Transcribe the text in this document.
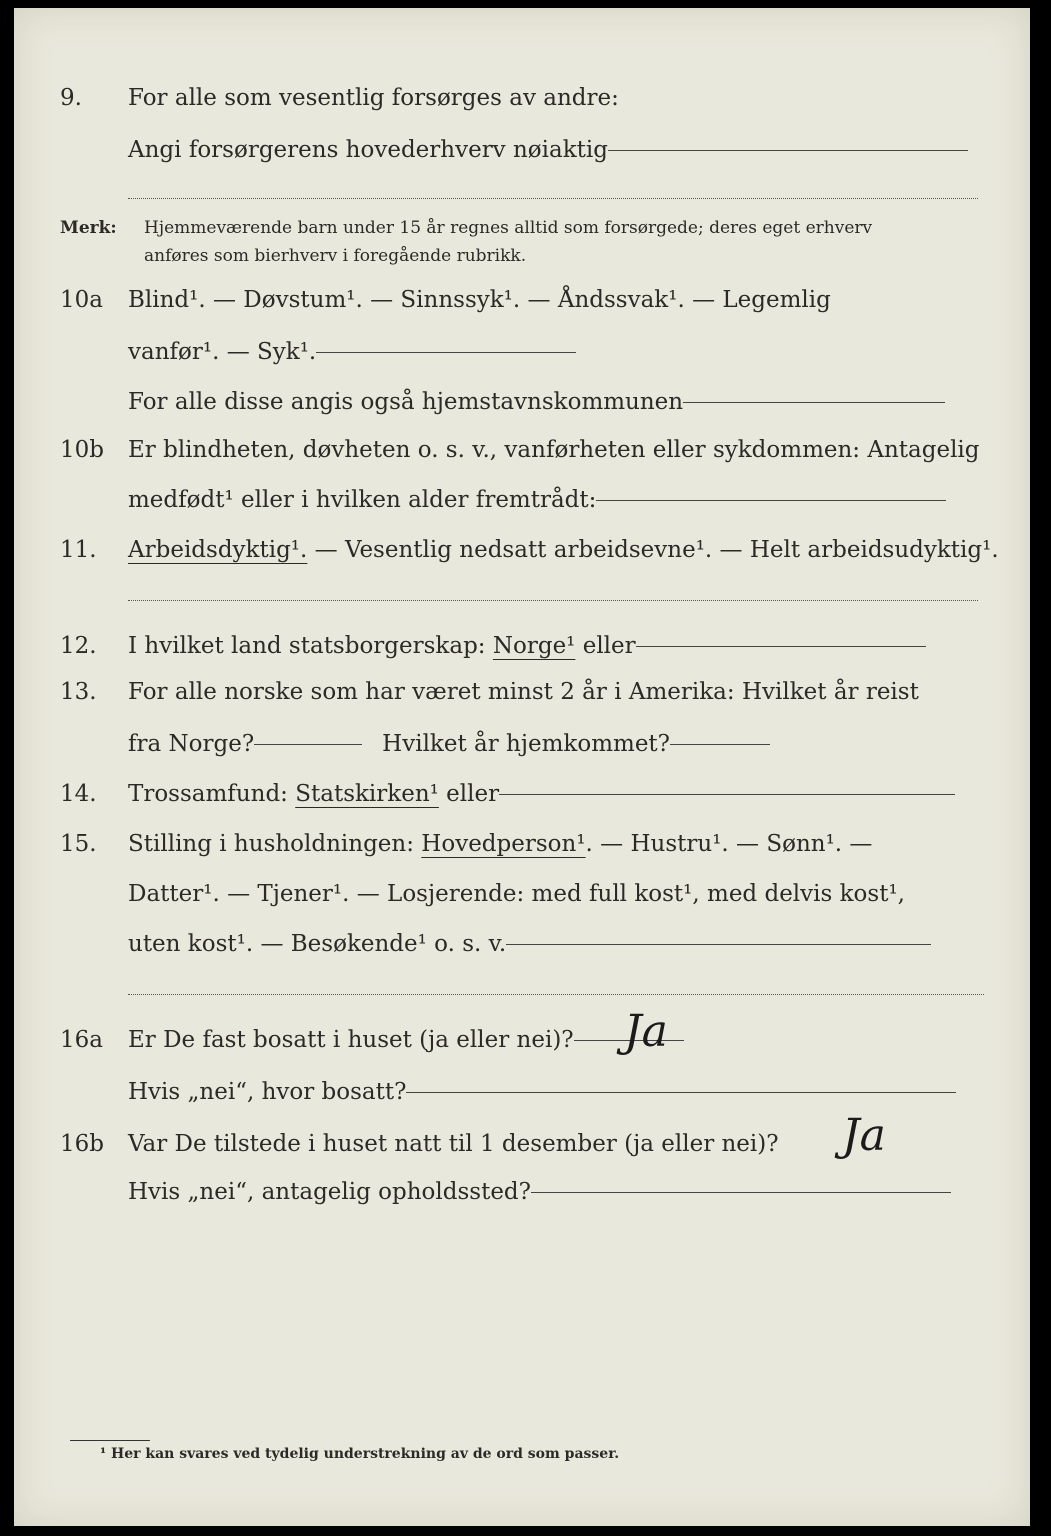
9. For alle som vesentlig forsørges av andre:
Angi forsørgerens hovederhverv nøiaktig
Merk: Hjemmeværende barn under 15 år regnes alltid som forsørgede; deres eget erhverv
anføres som bierhverv i foregående rubrikk.
10a Blind¹. — Døvstum¹. — Sinnssyk¹. — Åndssvak¹. — Legemlig
vanfør¹. — Syk¹.
For alle disse angis også hjemstavnskommunen
10b Er blindheten, døvheten o. s. v., vanførheten eller sykdommen: Antagelig
medfødt¹ eller i hvilken alder fremtrådt:
11. Arbeidsdyktig¹. — Vesentlig nedsatt arbeidsevne¹. — Helt arbeidsudyktig¹.
12. I hvilket land statsborgerskap: Norge¹ eller
13. For alle norske som har været minst 2 år i Amerika: Hvilket år reist
fra Norge?	Hvilket år hjemkommet?
14. Trossamfund: Statskirken¹ eller
15. Stilling i husholdningen: Hovedperson¹. — Hustru¹. — Sønn¹. —
Datter¹. — Tjener¹. — Losjerende: med full kost¹, med delvis kost¹,
uten kost¹. — Besøkende¹ o. s. v.
16a Er De fast bosatt i huset (ja eller nei)?	Ja
Hvis „nei“, hvor bosatt?
16b Var De tilstede i huset natt til 1 desember (ja eller nei)? Ja
Hvis „nei“, antagelig opholdssted?
¹ Her kan svares ved tydelig understrekning av de ord som passer.
